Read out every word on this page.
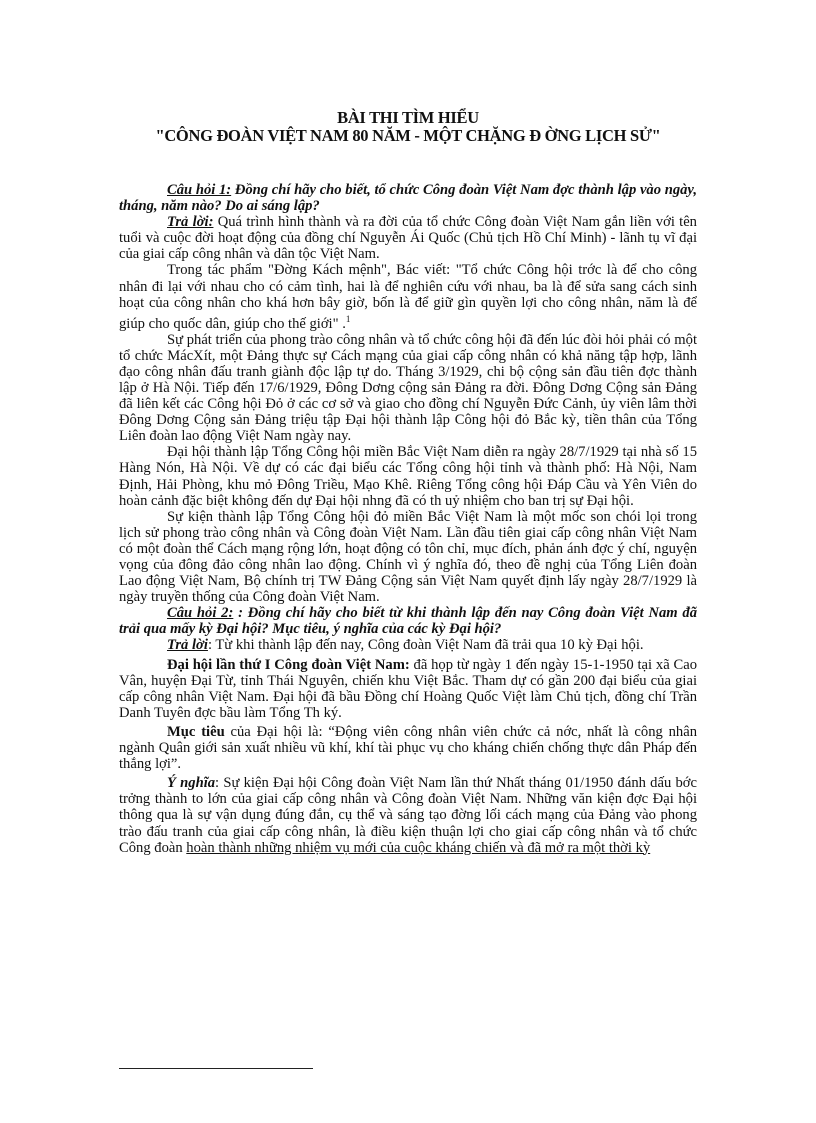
BÀI THI TÌM HIỂU
"CÔNG ĐOÀN VIỆT NAM 80 NĂM - MỘT CHẶNG Đ ỜNG LỊCH SỬ"

Câu hỏi 1: Đồng chí hãy cho biết, tổ chức Công đoàn Việt Nam đợc thành lập vào ngày, tháng, năm nào? Do ai sáng lập?

Trả lời: Quá trình hình thành và ra đời của tổ chức Công đoàn Việt Nam gắn liền với tên tuổi và cuộc đời hoạt động của đồng chí Nguyễn Ái Quốc (Chủ tịch Hồ Chí Minh) - lãnh tụ vĩ đại của giai cấp công nhân và dân tộc Việt Nam.

Trong tác phẩm "Đờng Kách mệnh", Bác viết: "Tổ chức Công hội trớc là để cho công nhân đi lại với nhau cho có cảm tình, hai là để nghiên cứu với nhau, ba là để sửa sang cách sinh hoạt của công nhân cho khá hơn bây giờ, bốn là để giữ gìn quyền lợi cho công nhân, năm là để giúp cho quốc dân, giúp cho thế giới" .$^1$

Sự phát triển của phong trào công nhân và tổ chức công hội đã đến lúc đòi hỏi phải có một tổ chức MácXít, một Đảng thực sự Cách mạng của giai cấp công nhân có khả năng tập hợp, lãnh đạo công nhân đấu tranh giành độc lập tự do. Tháng 3/1929, chi bộ cộng sản đầu tiên đợc thành lập ở Hà Nội. Tiếp đến 17/6/1929, Đông Dơng cộng sản Đảng ra đời. Đông Dơng Cộng sản Đảng đã liên kết các Công hội Đỏ ở các cơ sở và giao cho đồng chí Nguyễn Đức Cảnh, ủy viên lâm thời Đông Dơng Cộng sản Đảng triệu tập Đại hội thành lập Công hội đỏ Bắc kỳ, tiền thân của Tổng Liên đoàn lao động Việt Nam ngày nay.

Đại hội thành lập Tổng Công hội miền Bắc Việt Nam diễn ra ngày 28/7/1929 tại nhà số 15 Hàng Nón, Hà Nội. Về dự có các đại biểu các Tổng công hội tỉnh và thành phố: Hà Nội, Nam Định, Hải Phòng, khu mỏ Đông Triều, Mạo Khê. Riêng Tổng công hội Đáp Cầu và Yên Viên do hoàn cảnh đặc biệt không đến dự Đại hội nhng đã có th uỷ nhiệm cho ban trị sự Đại hội.

Sự kiện thành lập Tổng Công hội đỏ miền Bắc Việt Nam là một mốc son chói lọi trong lịch sử phong trào công nhân và Công đoàn Việt Nam. Lần đầu tiên giai cấp công nhân Việt Nam có một đoàn thể Cách mạng rộng lớn, hoạt động có tôn chỉ, mục đích, phản ánh đợc ý chí, nguyện vọng của đông đảo công nhân lao động. Chính vì ý nghĩa đó, theo đề nghị của Tổng Liên đoàn Lao động Việt Nam, Bộ chính trị TW Đảng Cộng sản Việt Nam quyết định lấy ngày 28/7/1929 là ngày truyền thống của Công đoàn Việt Nam.

Câu hỏi 2: : Đồng chí hãy cho biết từ khi thành lập đến nay Công đoàn Việt Nam đã trải qua mấy kỳ Đại hội? Mục tiêu, ý nghĩa của các kỳ Đại hội?

Trả lời: Từ khi thành lập đến nay, Công đoàn Việt Nam đã trải qua 10 kỳ Đại hội.

Đại hội lần thứ I Công đoàn Việt Nam: đã họp từ ngày 1 đến ngày 15-1-1950 tại xã Cao Vân, huyện Đại Từ, tỉnh Thái Nguyên, chiến khu Việt Bắc. Tham dự có gần 200 đại biểu của giai cấp công nhân Việt Nam. Đại hội đã bầu Đồng chí Hoàng Quốc Việt làm Chủ tịch, đồng chí Trần Danh Tuyên đợc bầu làm Tổng Th ký.

Mục tiêu của Đại hội là: “Động viên công nhân viên chức cả nớc, nhất là công nhân ngành Quân giới sản xuất nhiều vũ khí, khí tài phục vụ cho kháng chiến chống thực dân Pháp đến thắng lợi”.

Ý nghĩa: Sự kiện Đại hội Công đoàn Việt Nam lần thứ Nhất tháng 01/1950 đánh dấu bớc trởng thành to lớn của giai cấp công nhân và Công đoàn Việt Nam. Những văn kiện đợc Đại hội thông qua là sự vận dụng đúng đắn, cụ thể và sáng tạo đờng lối cách mạng của Đảng vào phong trào đấu tranh của giai cấp công nhân, là điều kiện thuận lợi cho giai cấp công nhân và tổ chức Công đoàn hoàn thành những nhiệm vụ mới của cuộc kháng chiến và đã mở ra một thời kỳ
